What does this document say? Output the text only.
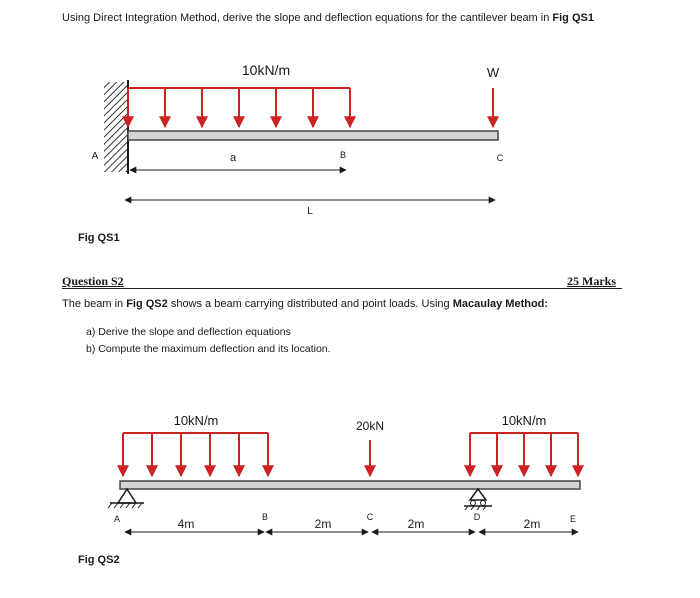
Using Direct Integration Method, derive the slope and deflection equations for the cantilever beam in Fig QS1
10kN/m	W
A	a	B	C
L
10kN/m	20kN	10kN/m
A	B	C	D	E
4m	2m	2m	2m
Fig QS1
Question S2	25 Marks
The beam in Fig QS2 shows a beam carrying distributed and point loads. Using Macaulay Method:
a) Derive the slope and deflection equations
b) Compute the maximum deflection and its location.
Fig QS2
